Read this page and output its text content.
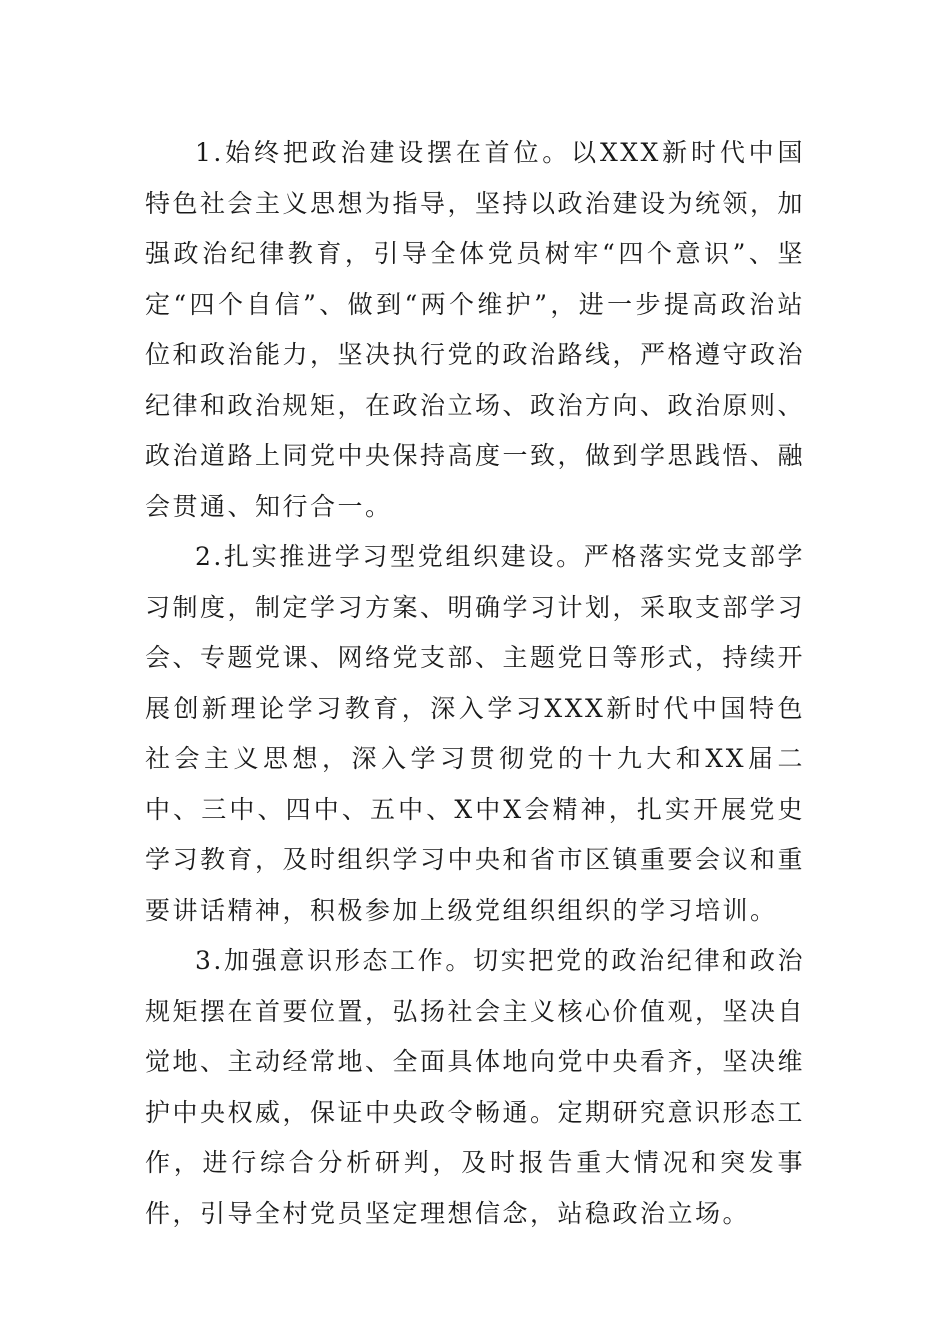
1.始终把政治建设摆在首位。以XXX新时代中国特色社会主义思想为指导，坚持以政治建设为统领，加强政治纪律教育，引导全体党员树牢“四个意识”、坚定“四个自信”、做到“两个维护”，进一步提高政治站位和政治能力，坚决执行党的政治路线，严格遵守政治纪律和政治规矩，在政治立场、政治方向、政治原则、政治道路上同党中央保持高度一致，做到学思践悟、融会贯通、知行合一。

2.扎实推进学习型党组织建设。严格落实党支部学习制度，制定学习方案、明确学习计划，采取支部学习会、专题党课、网络党支部、主题党日等形式，持续开展创新理论学习教育，深入学习XXX新时代中国特色社会主义思想，深入学习贯彻党的十九大和XX届二中、三中、四中、五中、X中X会精神，扎实开展党史学习教育，及时组织学习中央和省市区镇重要会议和重要讲话精神，积极参加上级党组织组织的学习培训。

3.加强意识形态工作。切实把党的政治纪律和政治规矩摆在首要位置，弘扬社会主义核心价值观，坚决自觉地、主动经常地、全面具体地向党中央看齐，坚决维护中央权威，保证中央政令畅通。定期研究意识形态工作，进行综合分析研判，及时报告重大情况和突发事件，引导全村党员坚定理想信念，站稳政治立场。
